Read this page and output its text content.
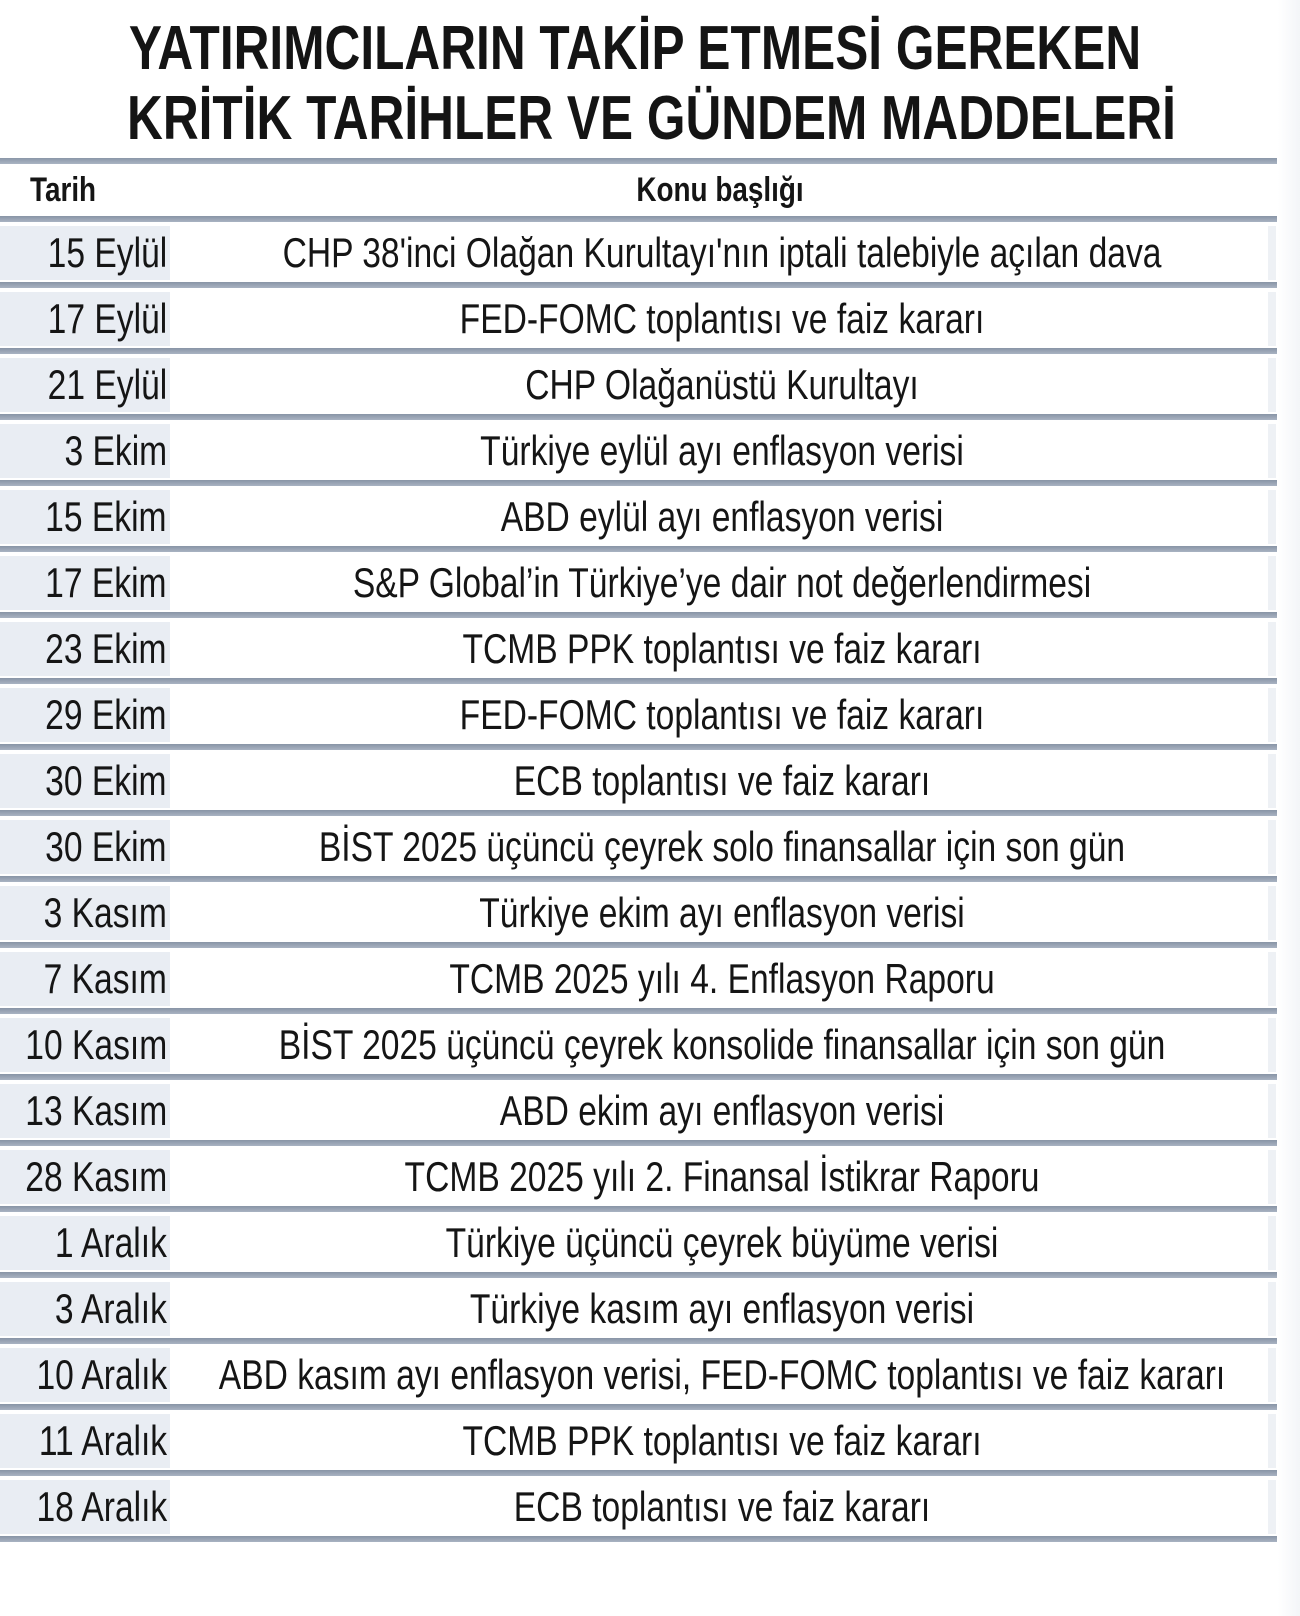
YATIRIMCILARIN TAKİP ETMESİ GEREKEN
KRİTİK TARİHLER VE GÜNDEM MADDELERİ
Tarih	Konu başlığı
15 Eylül	CHP 38'inci Olağan Kurultayı'nın iptali talebiyle açılan dava
17 Eylül	FED-FOMC toplantısı ve faiz kararı
21 Eylül	CHP Olağanüstü Kurultayı
3 Ekim	Türkiye eylül ayı enflasyon verisi
15 Ekim	ABD eylül ayı enflasyon verisi
17 Ekim	S&P Global’in Türkiye’ye dair not değerlendirmesi
23 Ekim	TCMB PPK toplantısı ve faiz kararı
29 Ekim	FED-FOMC toplantısı ve faiz kararı
30 Ekim	ECB toplantısı ve faiz kararı
30 Ekim	BİST 2025 üçüncü çeyrek solo finansallar için son gün
3 Kasım	Türkiye ekim ayı enflasyon verisi
7 Kasım	TCMB 2025 yılı 4. Enflasyon Raporu
10 Kasım	BİST 2025 üçüncü çeyrek konsolide finansallar için son gün
13 Kasım	ABD ekim ayı enflasyon verisi
28 Kasım	TCMB 2025 yılı 2. Finansal İstikrar Raporu
1 Aralık	Türkiye üçüncü çeyrek büyüme verisi
3 Aralık	Türkiye kasım ayı enflasyon verisi
10 Aralık ABD kasım ayı enflasyon verisi, FED-FOMC toplantısı ve faiz kararı
11 Aralık	TCMB PPK toplantısı ve faiz kararı
18 Aralık	ECB toplantısı ve faiz kararı
